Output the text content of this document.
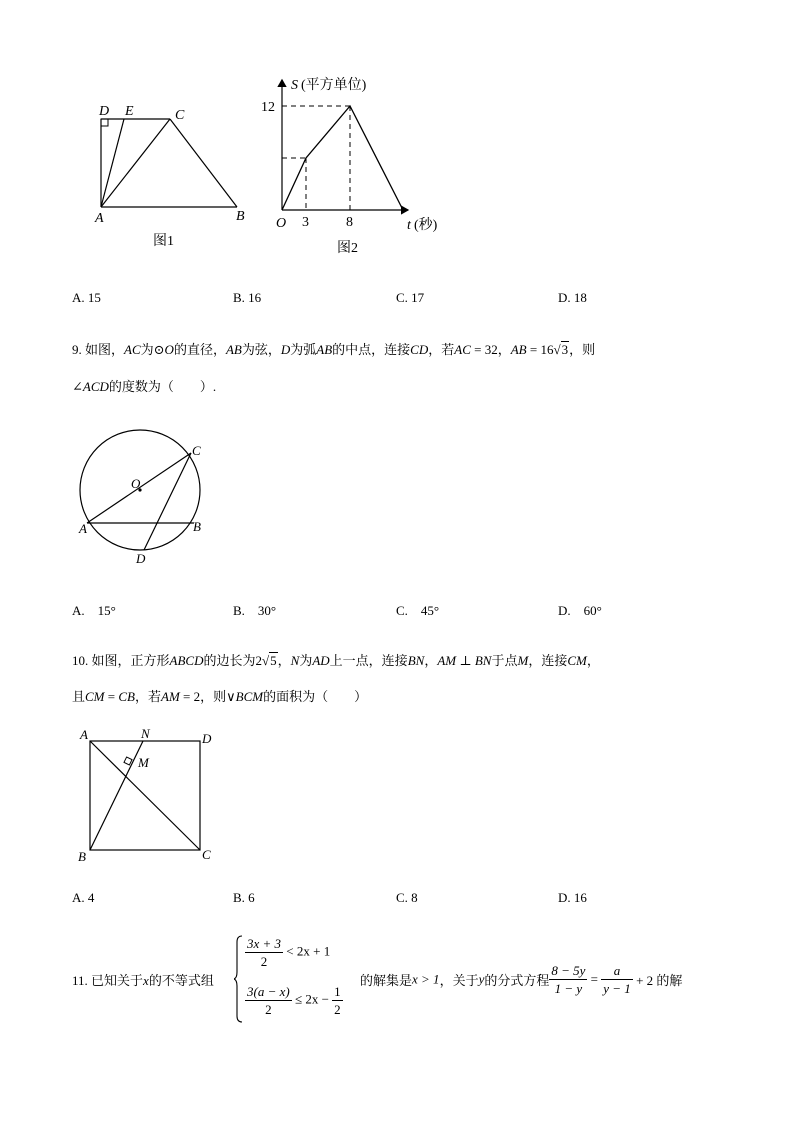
D E	C
A	B
图1
S (平方单位)
12
O 3	8	t (秒)
图2
A. 15	B. 16	C. 17	D. 18
9. 如图，AC为⊙O的直径，AB为弦，D为弧AB的中点，连接CD，若AC = 32，AB = 16√3，则
∠ACD的度数为（　　）.
O
C
A	B
D
A.　15°	B.　30°	C.　45°	D.　60°
10. 如图，正方形ABCD的边长为2√5，N为AD上一点，连接BN，AM ⊥ BN于点M，连接CM，
且CM = CB，若AM = 2，则∨BCM的面积为（　　）
A	N	D
M
B	C
A. 4	B. 6	C. 8	D. 16
11. 已知关于x的不等式组
$\frac{3x + 3}{2} < 2x + 1$
$\frac{3(a - x)}{2} \le 2x - \frac{1}{2}$
的解集是x > 1，关于y的分式方程 $\frac{8 - 5y}{1 - y} = \frac{a}{y - 1} + 2$ 的解
